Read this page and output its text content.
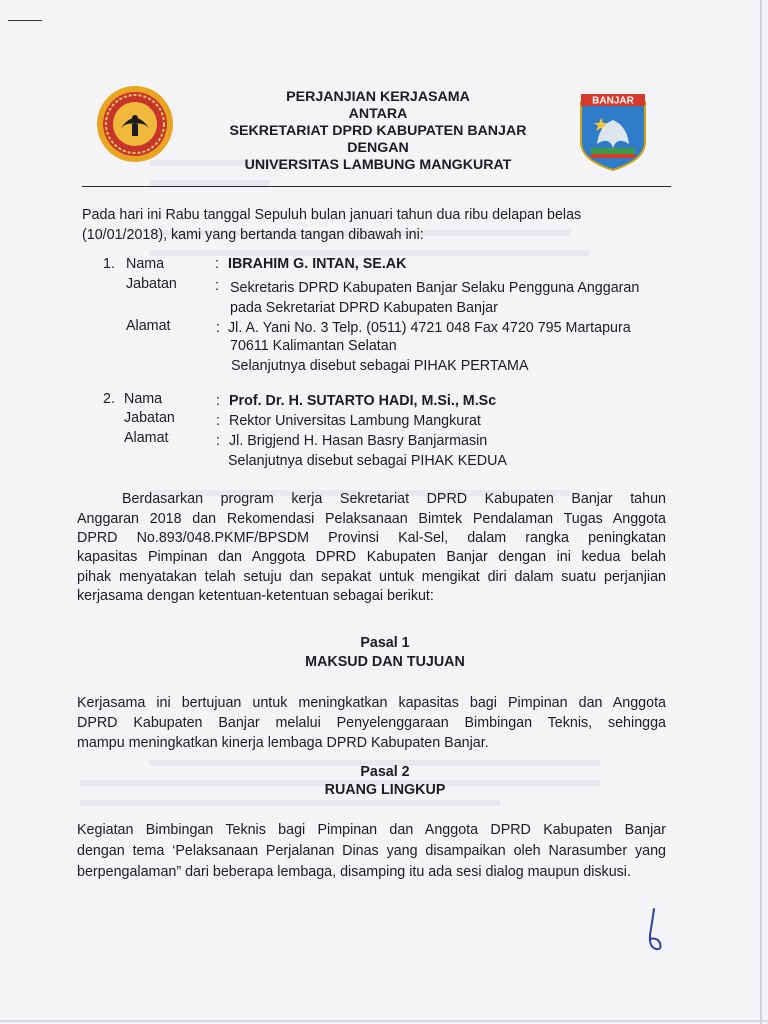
BANJAR
PERJANJIAN KERJASAMA
ANTARA
SEKRETARIAT DPRD KABUPATEN BANJAR
DENGAN
UNIVERSITAS LAMBUNG MANGKURAT
Pada hari ini Rabu tanggal Sepuluh bulan januari tahun dua ribu delapan belas
(10/01/2018), kami yang bertanda tangan dibawah ini:
1. Nama	: IBRAHIM G. INTAN, SE.AK
Jabatan	: Sekretaris DPRD Kabupaten Banjar Selaku Pengguna Anggaran
pada Sekretariat DPRD Kabupaten Banjar
Alamat	: Jl. A. Yani No. 3 Telp. (0511) 4721 048 Fax 4720 795 Martapura
70611 Kalimantan Selatan
Selanjutnya disebut sebagai PIHAK PERTAMA
2. Nama	: Prof. Dr. H. SUTARTO HADI, M.Si., M.Sc
Jabatan	: Rektor Universitas Lambung Mangkurat
Alamat	: Jl. Brigjend H. Hasan Basry Banjarmasin
Selanjutnya disebut sebagai PIHAK KEDUA
Berdasarkan program kerja Sekretariat DPRD Kabupaten Banjar tahun
Anggaran 2018 dan Rekomendasi Pelaksanaan Bimtek Pendalaman Tugas Anggota
DPRD No.893/048.PKMF/BPSDM Provinsi Kal-Sel, dalam rangka peningkatan
kapasitas Pimpinan dan Anggota DPRD Kabupaten Banjar dengan ini kedua belah
pihak menyatakan telah setuju dan sepakat untuk mengikat diri dalam suatu perjanjian
kerjasama dengan ketentuan-ketentuan sebagai berikut:
Pasal 1
MAKSUD DAN TUJUAN
Kerjasama ini bertujuan untuk meningkatkan kapasitas bagi Pimpinan dan Anggota
DPRD Kabupaten Banjar melalui Penyelenggaraan Bimbingan Teknis, sehingga
mampu meningkatkan kinerja lembaga DPRD Kabupaten Banjar.
Pasal 2
RUANG LINGKUP
Kegiatan Bimbingan Teknis bagi Pimpinan dan Anggota DPRD Kabupaten Banjar
dengan tema ‘Pelaksanaan Perjalanan Dinas yang disampaikan oleh Narasumber yang
berpengalaman” dari beberapa lembaga, disamping itu ada sesi dialog maupun diskusi.
